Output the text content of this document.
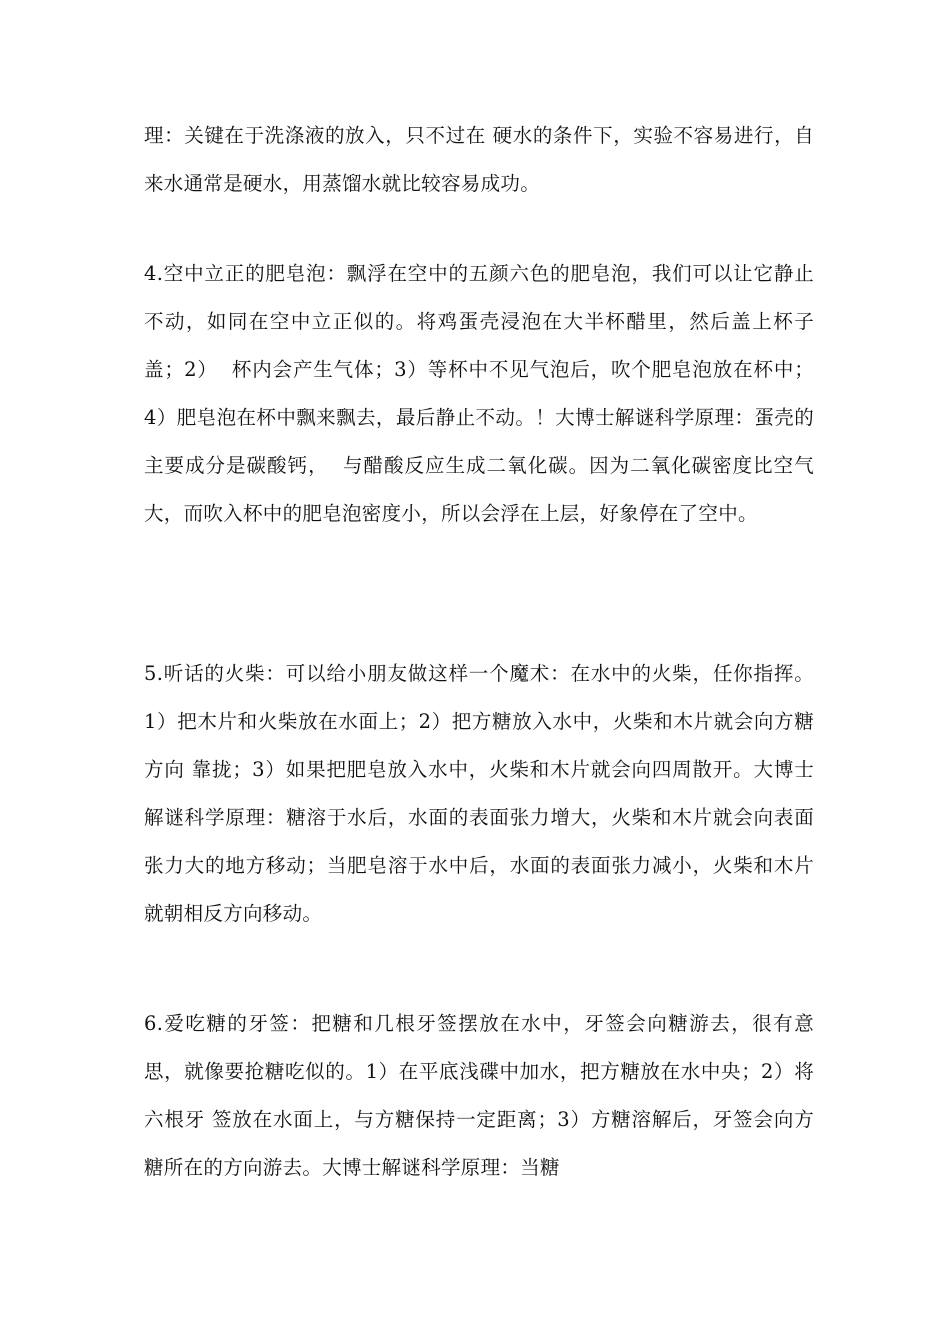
理：关键在于洗涤液的放入，只不过在 硬水的条件下，实验不容易进行，自来水通常是硬水，用蒸馏水就比较容易成功。

4.空中立正的肥皂泡：飘浮在空中的五颜六色的肥皂泡，我们可以让它静止不动，如同在空中立正似的。将鸡蛋壳浸泡在大半杯醋里，然后盖上杯子盖；2）  杯内会产生气体；3）等杯中不见气泡后，吹个肥皂泡放在杯中；4）肥皂泡在杯中飘来飘去，最后静止不动。！大博士解谜科学原理：蛋壳的主要成分是碳酸钙，  与醋酸反应生成二氧化碳。因为二氧化碳密度比空气大，而吹入杯中的肥皂泡密度小，所以会浮在上层，好象停在了空中。

5.听话的火柴：可以给小朋友做这样一个魔术：在水中的火柴，任你指挥。1）把木片和火柴放在水面上；2）把方糖放入水中，火柴和木片就会向方糖方向 靠拢；3）如果把肥皂放入水中，火柴和木片就会向四周散开。大博士解谜科学原理：糖溶于水后，水面的表面张力增大，火柴和木片就会向表面张力大的地方移动；当肥皂溶于水中后，水面的表面张力减小，火柴和木片就朝相反方向移动。

6.爱吃糖的牙签：把糖和几根牙签摆放在水中，牙签会向糖游去，很有意思，就像要抢糖吃似的。1）在平底浅碟中加水，把方糖放在水中央；2）将六根牙 签放在水面上，与方糖保持一定距离；3）方糖溶解后，牙签会向方糖所在的方向游去。大博士解谜科学原理：当糖
